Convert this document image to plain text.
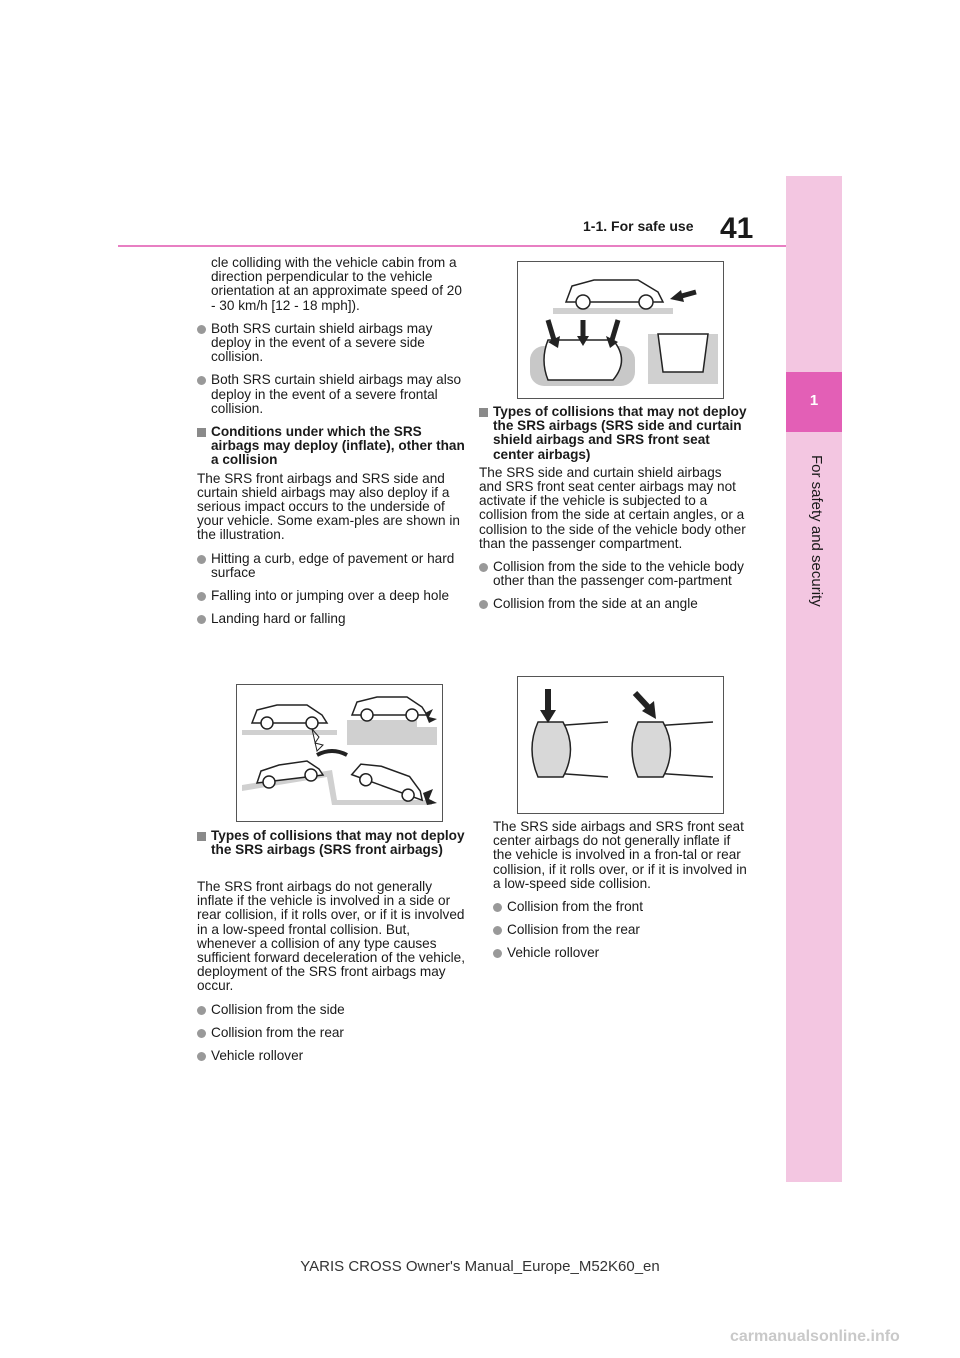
1-1. For safe use 41
1
For safety and security

cle colliding with the vehicle cabin from a direction perpendicular to the vehicle orientation at an approximate speed of 20 - 30 km/h [12 - 18 mph]).

Both SRS curtain shield airbags may deploy in the event of a severe side collision.
Both SRS curtain shield airbags may also deploy in the event of a severe frontal collision.
Conditions under which the SRS airbags may deploy (inflate), other than a collision

The SRS front airbags and SRS side and curtain shield airbags may also deploy if a serious impact occurs to the underside of your vehicle. Some exam-ples are shown in the illustration.

Hitting a curb, edge of pavement or hard surface
Falling into or jumping over a deep hole
Landing hard or falling
Types of collisions that may not deploy the SRS airbags (SRS front airbags)

The SRS front airbags do not generally inflate if the vehicle is involved in a side or rear collision, if it rolls over, or if it is involved in a low-speed frontal collision. But, whenever a collision of any type causes sufficient forward deceleration of the vehicle, deployment of the SRS front airbags may occur.

Collision from the side
Collision from the rear
Vehicle rollover
Types of collisions that may not deploy the SRS airbags (SRS side and curtain shield airbags and SRS front seat center airbags)

The SRS side and curtain shield airbags and SRS front seat center airbags may not activate if the vehicle is subjected to a collision from the side at certain angles, or a collision to the side of the vehicle body other than the passenger compartment.

Collision from the side to the vehicle body other than the passenger com-partment
Collision from the side at an angle

The SRS side airbags and SRS front seat center airbags do not generally inflate if the vehicle is involved in a fron-tal or rear collision, if it rolls over, or if it is involved in a low-speed side collision.

Collision from the front
Collision from the rear
Vehicle rollover
YARIS CROSS Owner's Manual_Europe_M52K60_en
carmanualsonline.info
